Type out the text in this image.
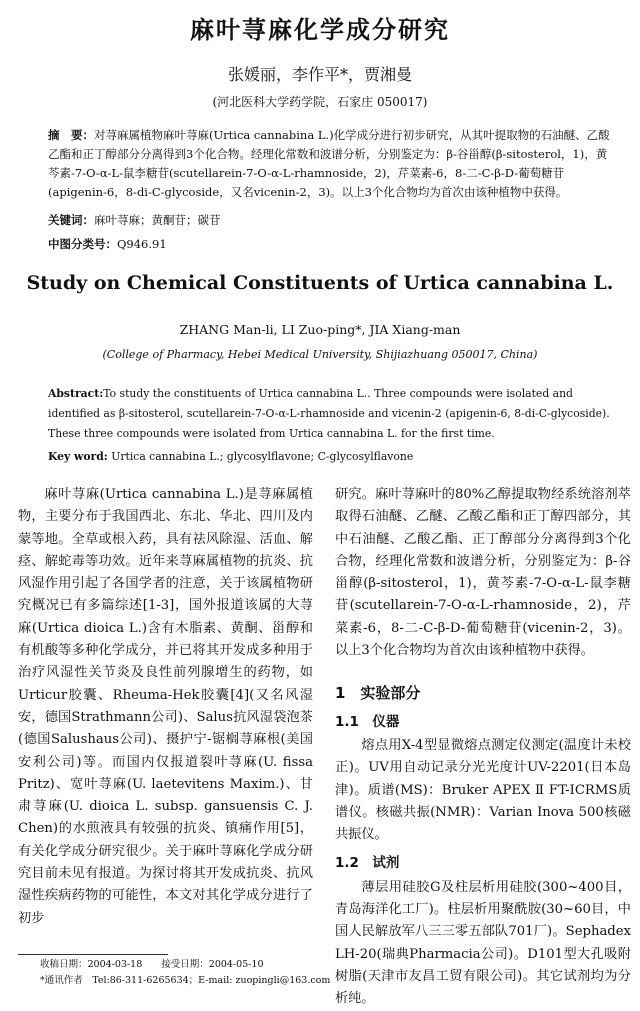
麻叶荨麻化学成分研究
张媛丽，李作平*，贾湘曼
(河北医科大学药学院，石家庄 050017)
摘　要：对荨麻属植物麻叶荨麻(Urtica cannabina L.)化学成分进行初步研究，从其叶提取物的石油醚、乙酸乙酯和正丁醇部分分离得到3个化合物。经理化常数和波谱分析，分别鉴定为：β-谷甾醇(β-sitosterol，1)，黄芩素-7-O-α-L-鼠李糖苷(scutellarein-7-O-α-L-rhamnoside，2)，芹菜素-6，8-二-C-β-D-葡萄糖苷(apigenin-6，8-di-C-glycoside，又名vicenin-2，3)。以上3个化合物均为首次由该种植物中获得。
关键词：麻叶荨麻；黄酮苷；碳苷
中图分类号：Q946.91
Study on Chemical Constituents of Urtica cannabina L.
ZHANG Man-li, LI Zuo-ping*, JIA Xiang-man
(College of Pharmacy, Hebei Medical University, Shijiazhuang 050017, China)
Abstract:To study the constituents of Urtica cannabina L.. Three compounds were isolated and identified as β-sitosterol, scutellarein-7-O-α-L-rhamnoside and vicenin-2 (apigenin-6, 8-di-C-glycoside). These three compounds were isolated from Urtica cannabina L. for the first time.
Key word: Urtica cannabina L.; glycosylflavone; C-glycosylflavone

麻叶荨麻(Urtica cannabina L.)是荨麻属植物，主要分布于我国西北、东北、华北、四川及内蒙等地。全草或根入药，具有祛风除湿、活血、解痉、解蛇毒等功效。近年来荨麻属植物的抗炎、抗风湿作用引起了各国学者的注意，关于该属植物研究概况已有多篇综述[1-3]，国外报道该属的大荨麻(Urtica dioica L.)含有木脂素、黄酮、甾醇和有机酸等多种化学成分，并已将其开发成多种用于治疗风湿性关节炎及良性前列腺增生的药物，如Urticur胶囊、Rheuma-Hek胶囊[4](又名风湿安，德国Strathmann公司)、Salus抗风湿袋泡茶(德国Salushaus公司)、摄护宁-锯榈荨麻根(美国安利公司)等。而国内仅报道裂叶荨麻(U. fissa Pritz)、宽叶荨麻(U. laetevitens Maxim.)、甘肃荨麻(U. dioica L. subsp. gansuensis C. J. Chen)的水煎液具有较强的抗炎、镇痛作用[5]，有关化学成分研究很少。关于麻叶荨麻化学成分研究目前未见有报道。为探讨将其开发成抗炎、抗风湿性疾病药物的可能性，本文对其化学成分进行了初步

研究。麻叶荨麻叶的80%乙醇提取物经系统溶剂萃取得石油醚、乙醚、乙酸乙酯和正丁醇四部分，其中石油醚、乙酸乙酯、正丁醇部分分离得到3个化合物，经理化常数和波谱分析，分别鉴定为：β-谷甾醇(β-sitosterol，1)，黄芩素-7-O-α-L-鼠李糖苷(scutellarein-7-O-α-L-rhamnoside，2)，芹菜素-6，8-二-C-β-D-葡萄糖苷(vicenin-2，3)。以上3个化合物均为首次由该种植物中获得。

1　实验部分
1.1　仪器

熔点用X-4型显微熔点测定仪测定(温度计未校正)。UV用自动记录分光光度计UV-2201(日本岛津)。质谱(MS)：Bruker APEX Ⅱ FT-ICRMS质谱仪。核磁共振(NMR)：Varian Inova 500核磁共振仪。

1.2　试剂

薄层用硅胶G及柱层析用硅胶(300~400目，青岛海洋化工厂)。柱层析用聚酰胺(30~60目，中国人民解放军八三三零五部队701厂)。Sephadex LH-20(瑞典Pharmacia公司)。D101型大孔吸附树脂(天津市友昌工贸有限公司)。其它试剂均为分析纯。

收稿日期：2004-03-18　　接受日期：2004-05-10
*通讯作者　Tel:86-311-6265634；E-mail: zuopingli@163.com
